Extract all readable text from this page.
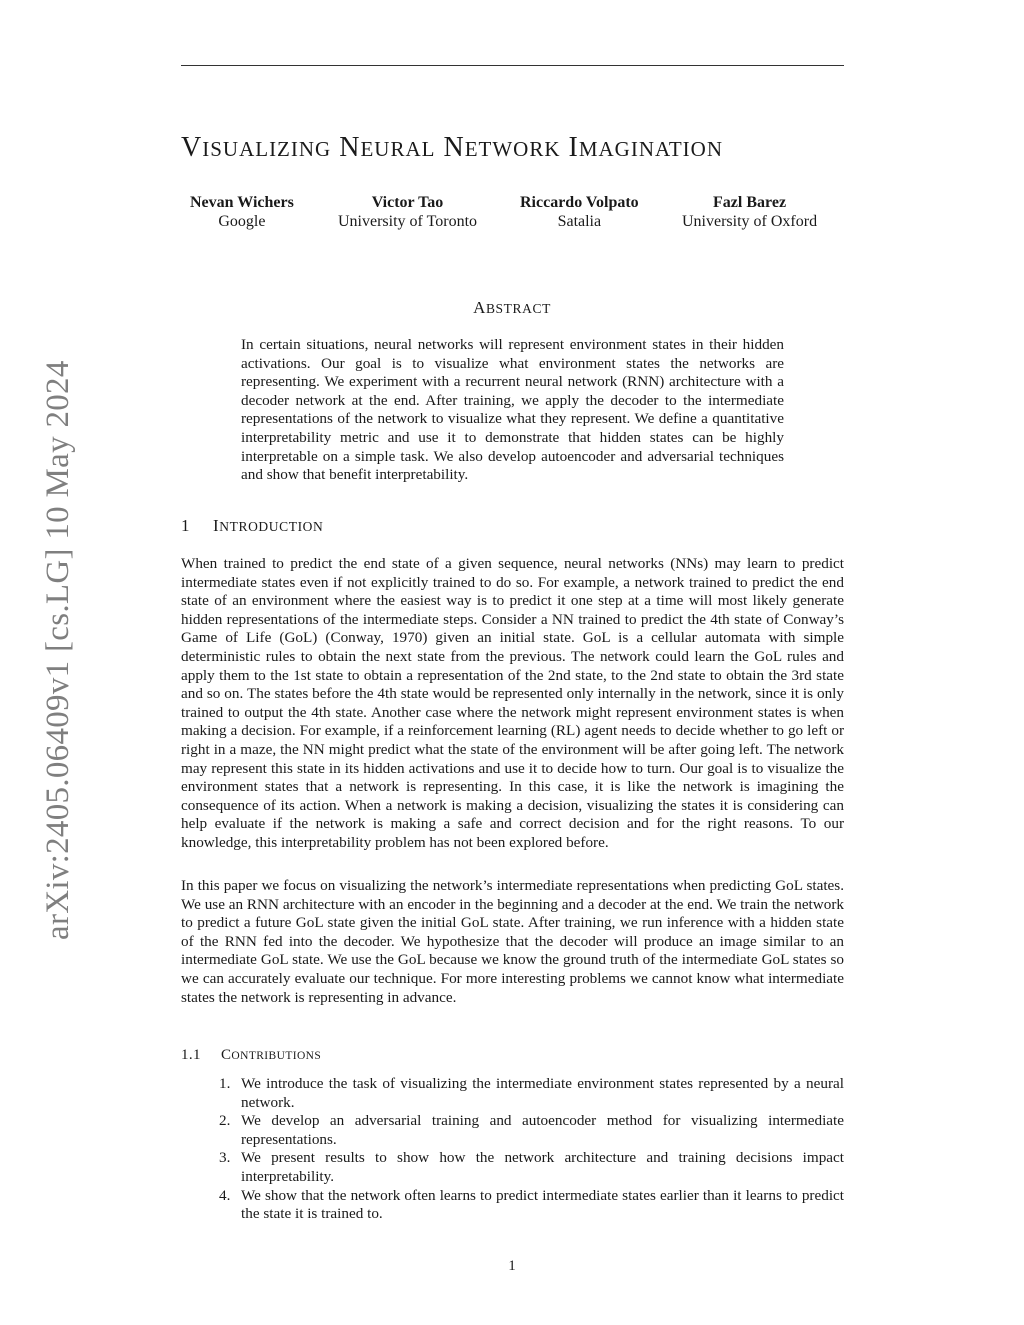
VISUALIZING NEURAL NETWORK IMAGINATION
Nevan Wichers
Google
Victor Tao
University of Toronto
Riccardo Volpato
Satalia
Fazl Barez
University of Oxford
ABSTRACT

In certain situations, neural networks will represent environment states in their hidden activations. Our goal is to visualize what environment states the networks are representing. We experiment with a recurrent neural network (RNN) architecture with a decoder network at the end. After training, we apply the decoder to the intermediate representations of the network to visualize what they represent. We define a quantitative interpretability metric and use it to demonstrate that hidden states can be highly interpretable on a simple task. We also develop autoencoder and adversarial techniques and show that benefit interpretability.

1 INTRODUCTION

When trained to predict the end state of a given sequence, neural networks (NNs) may learn to predict intermediate states even if not explicitly trained to do so. For example, a network trained to predict the end state of an environment where the easiest way is to predict it one step at a time will most likely generate hidden representations of the intermediate steps. Consider a NN trained to predict the 4th state of Conway’s Game of Life (GoL) (Conway, 1970) given an initial state. GoL is a cellular automata with simple deterministic rules to obtain the next state from the previous. The network could learn the GoL rules and apply them to the 1st state to obtain a representation of the 2nd state, to the 2nd state to obtain the 3rd state and so on. The states before the 4th state would be represented only internally in the network, since it is only trained to output the 4th state. Another case where the network might represent environment states is when making a decision. For example, if a reinforcement learning (RL) agent needs to decide whether to go left or right in a maze, the NN might predict what the state of the environment will be after going left. The network may represent this state in its hidden activations and use it to decide how to turn. Our goal is to visualize the environment states that a network is representing. In this case, it is like the network is imagining the consequence of its action. When a network is making a decision, visualizing the states it is considering can help evaluate if the network is making a safe and correct decision and for the right reasons. To our knowledge, this interpretability problem has not been explored before.

In this paper we focus on visualizing the network’s intermediate representations when predicting GoL states. We use an RNN architecture with an encoder in the beginning and a decoder at the end. We train the network to predict a future GoL state given the initial GoL state. After training, we run inference with a hidden state of the RNN fed into the decoder. We hypothesize that the decoder will produce an image similar to an intermediate GoL state. We use the GoL because we know the ground truth of the intermediate GoL states so we can accurately evaluate our technique. For more interesting problems we cannot know what intermediate states the network is representing in advance.

1.1 CONTRIBUTIONS
1. We introduce the task of visualizing the intermediate environment states represented by a neural network.
2. We develop an adversarial training and autoencoder method for visualizing intermediate representations.
3. We present results to show how the network architecture and training decisions impact interpretability.
4. We show that the network often learns to predict intermediate states earlier than it learns to predict the state it is trained to.

arXiv:2405.06409v1 [cs.LG] 10 May 2024

1
